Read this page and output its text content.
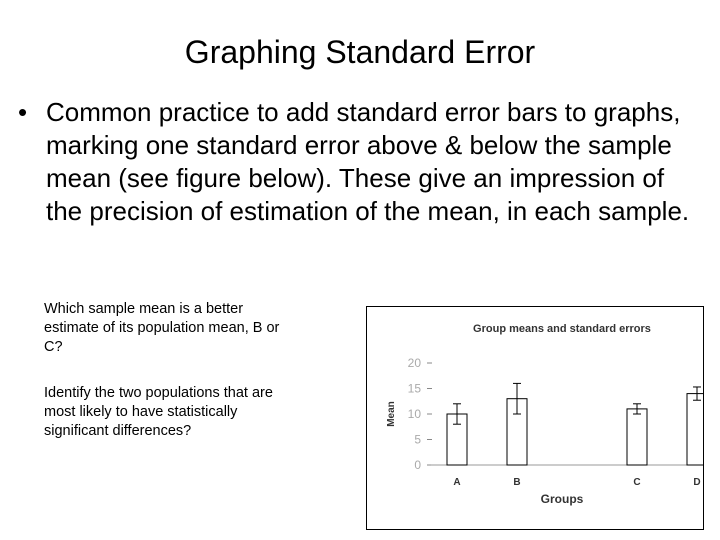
Graphing Standard Error
• Common practice to add standard error bars to graphs, marking one standard error above & below the sample mean (see figure below). These give an impression of the precision of estimation of the mean, in each sample.
Which sample mean is a better estimate of its population mean, B or C?
Identify the two populations that are most likely to have statistically significant differences?
Group means and standard errors
0
5
10
15
20
Mean
A	B	C	D
Groups
